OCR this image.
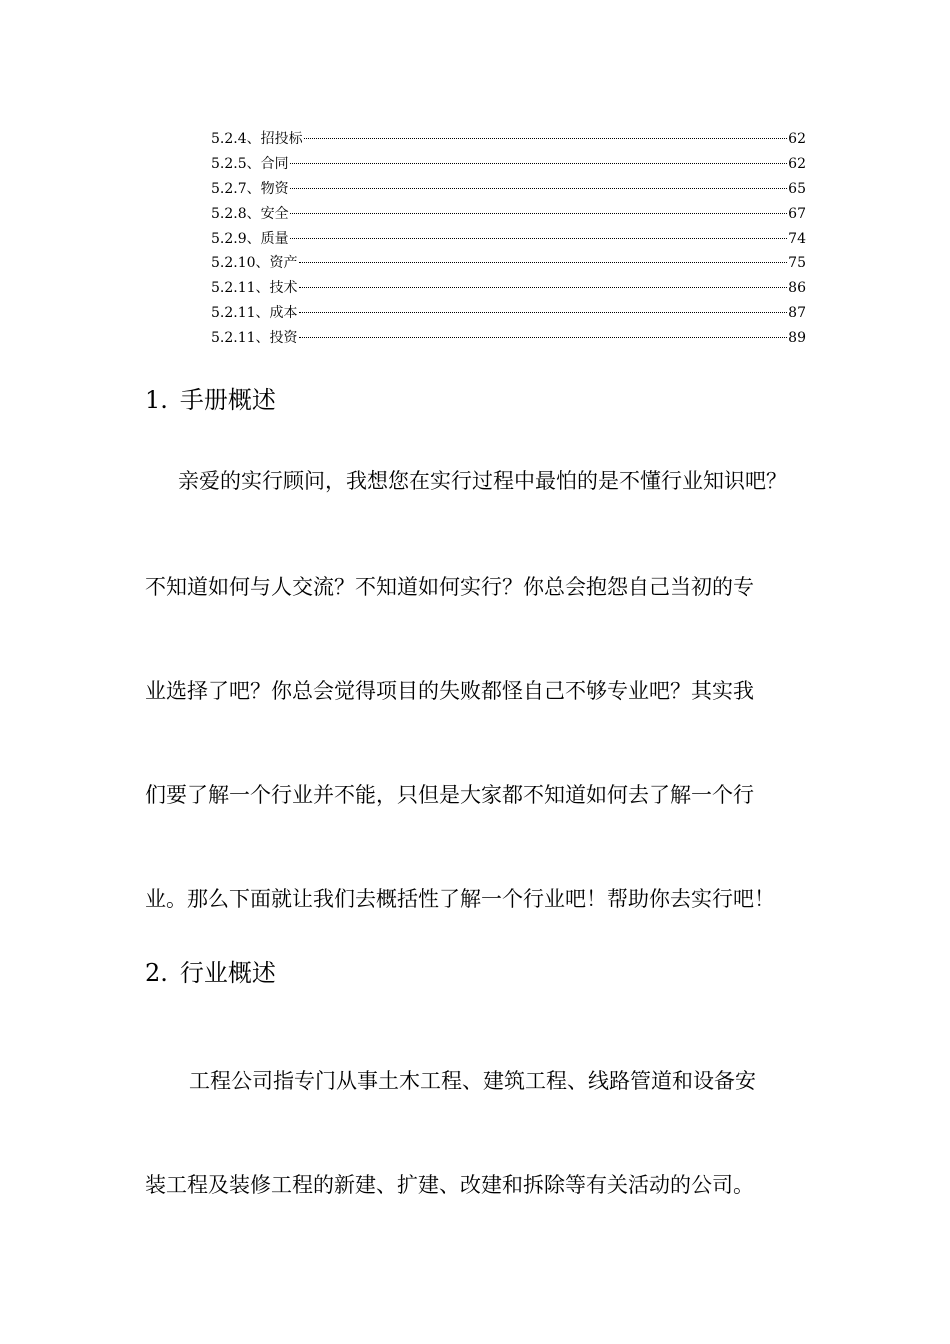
5.2.4、招投标	62
5.2.5、合同	62
5.2.7、物资	65
5.2.8、安全	67
5.2.9、质量	74
5.2.10、资产	75
5.2.11、技术	86
5.2.11、成本	87
5.2.11、投资	89
1. 手册概述
亲爱的实行顾问，我想您在实行过程中最怕的是不懂行业知识吧？
不知道如何与人交流？不知道如何实行？你总会抱怨自己当初的专
业选择了吧？你总会觉得项目的失败都怪自己不够专业吧？其实我
们要了解一个行业并不能，只但是大家都不知道如何去了解一个行
业。那么下面就让我们去概括性了解一个行业吧！帮助你去实行吧！
2. 行业概述
工程公司指专门从事土木工程、建筑工程、线路管道和设备安
装工程及装修工程的新建、扩建、改建和拆除等有关活动的公司。
